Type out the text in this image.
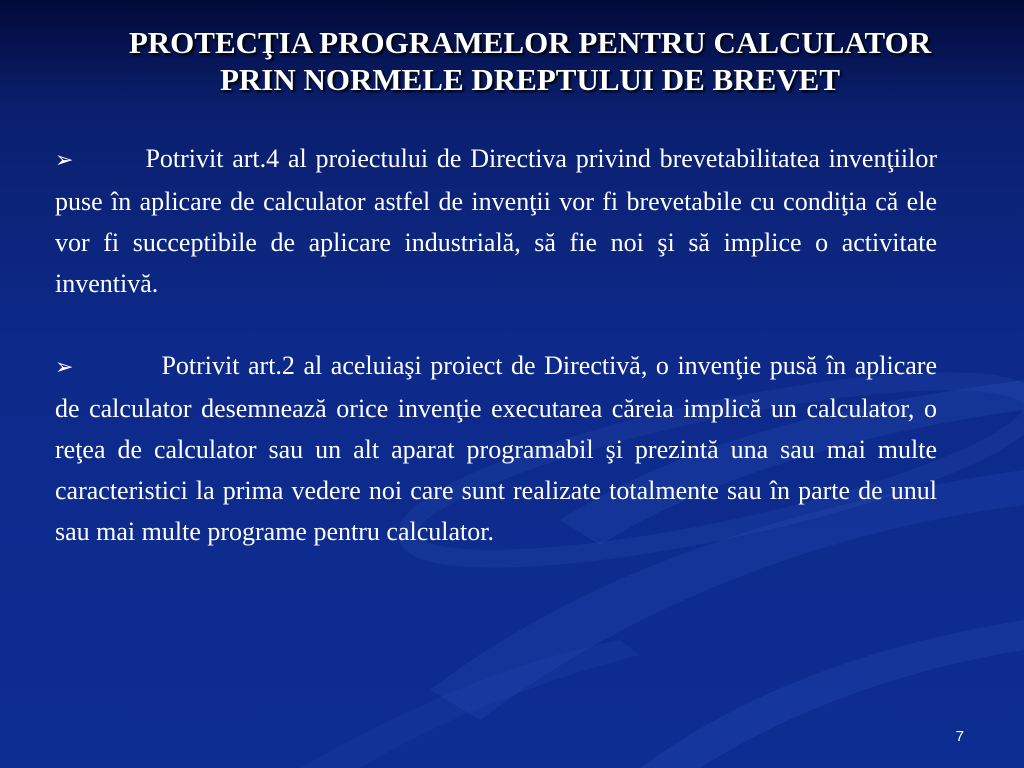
PROTECŢIA PROGRAMELOR PENTRU CALCULATOR
PRIN NORMELE DREPTULUI DE BREVET

➢	Potrivit art.4 al proiectului de Directiva privind brevetabilitatea invenţiilor puse în aplicare de calculator astfel de invenţii vor fi brevetabile cu condiţia că ele vor fi succeptibile de aplicare industrială, să fie noi şi să implice o activitate inventivă.

➢	Potrivit art.2 al aceluiaşi proiect de Directivă, o invenţie pusă în aplicare de calculator desemnează orice invenţie executarea căreia implică un calculator, o reţea de calculator sau un alt aparat programabil şi prezintă una sau mai multe caracteristici la prima vedere noi care sunt realizate totalmente sau în parte de unul sau mai multe programe pentru calculator.

7
